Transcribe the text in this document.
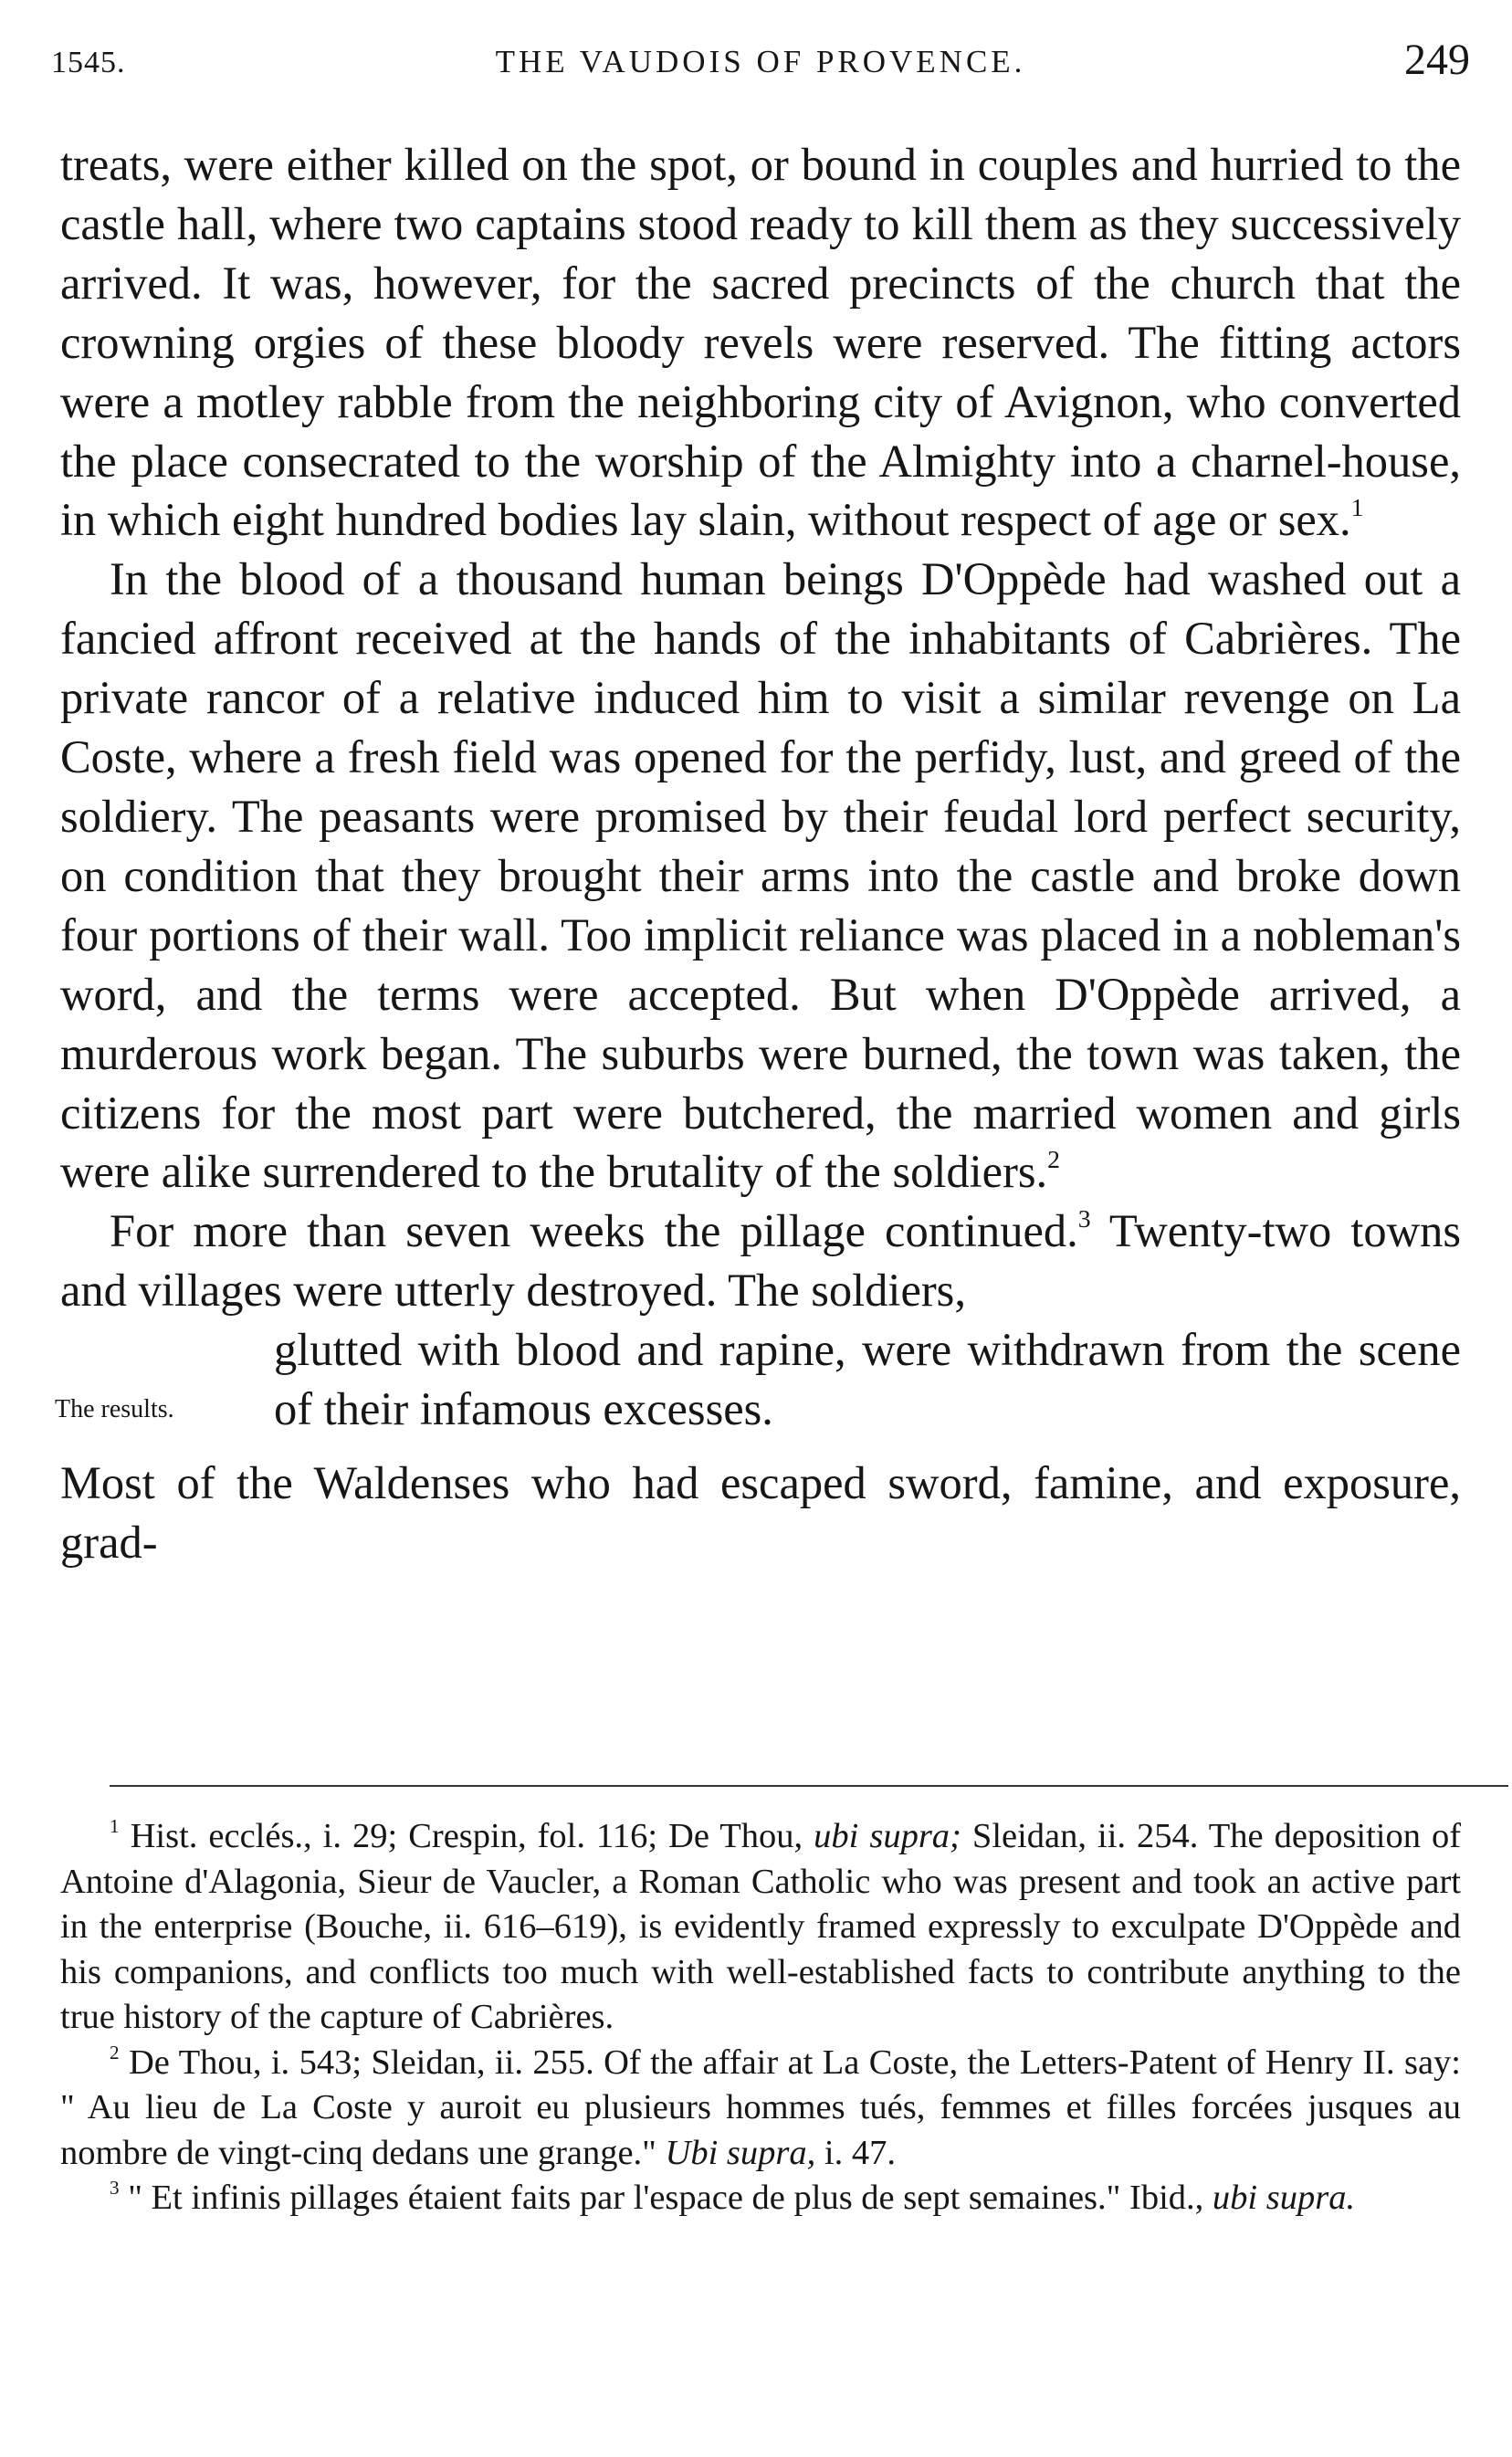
1545.	THE VAUDOIS OF PROVENCE.	249

treats, were either killed on the spot, or bound in couples and hurried to the castle hall, where two captains stood ready to kill them as they successively arrived. It was, however, for the sacred precincts of the church that the crowning orgies of these bloody revels were reserved. The fitting actors were a motley rabble from the neighboring city of Avignon, who converted the place consecrated to the worship of the Almighty into a charnel-house, in which eight hundred bodies lay slain, without respect of age or sex.$^1$

In the blood of a thousand human beings D'Oppède had washed out a fancied affront received at the hands of the inhabitants of Cabrières. The private rancor of a relative induced him to visit a similar revenge on La Coste, where a fresh field was opened for the perfidy, lust, and greed of the soldiery. The peasants were promised by their feudal lord perfect security, on condition that they brought their arms into the castle and broke down four portions of their wall. Too implicit reliance was placed in a nobleman's word, and the terms were accepted. But when D'Oppède arrived, a murderous work began. The suburbs were burned, the town was taken, the citizens for the most part were butchered, the married women and girls were alike surrendered to the brutality of the soldiers.$^2$

For more than seven weeks the pillage continued.$^3$ Twenty-two towns and villages were utterly destroyed. The soldiers,

The results.
glutted with blood and rapine, were withdrawn from the scene of their infamous excesses.

Most of the Waldenses who had escaped sword, famine, and exposure, grad-

$^1$ Hist. ecclés., i. 29; Crespin, fol. 116; De Thou, ubi supra; Sleidan, ii. 254. The deposition of Antoine d'Alagonia, Sieur de Vaucler, a Roman Catholic who was present and took an active part in the enterprise (Bouche, ii. 616–619), is evidently framed expressly to exculpate D'Oppède and his companions, and conflicts too much with well-established facts to contribute anything to the true history of the capture of Cabrières.

$^2$ De Thou, i. 543; Sleidan, ii. 255. Of the affair at La Coste, the Letters-Patent of Henry II. say: " Au lieu de La Coste y auroit eu plusieurs hommes tués, femmes et filles forcées jusques au nombre de vingt-cinq dedans une grange." Ubi supra, i. 47.

$^3$ " Et infinis pillages étaient faits par l'espace de plus de sept semaines." Ibid., ubi supra.
